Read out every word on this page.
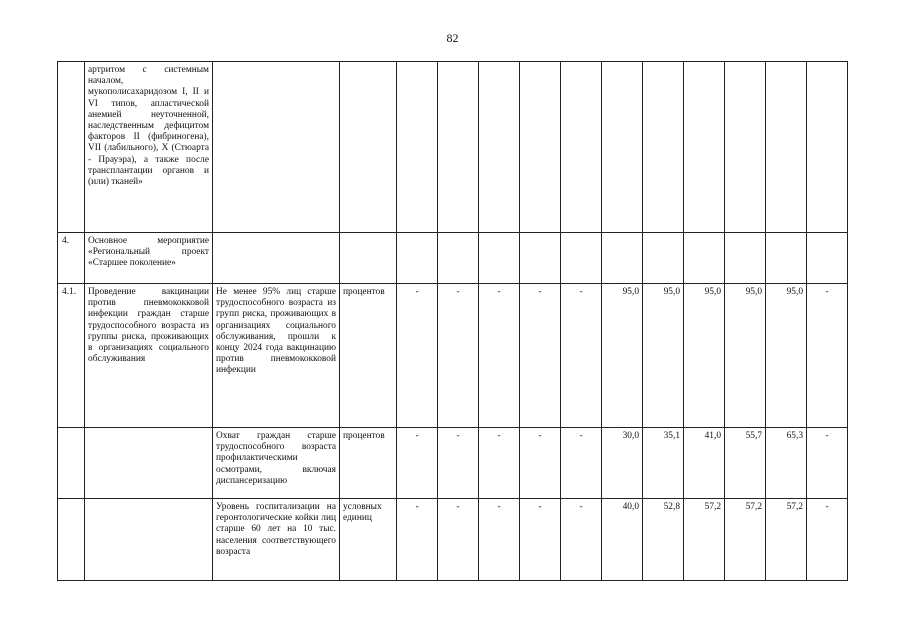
82
	артритом с системным началом, мукополисахаридозом I, II и VI типов, апластической анемией неуточненной, наследственным дефицитом факторов II (фибриногена), VII (лабильного), X (Стюарта - Прауэра), а также после трансплантации органов и (или) тканей»													
4.	Основное мероприятие «Региональный проект «Старшее поколение»													
4.1.	Проведение вакцинации против пневмококковой инфекции граждан старше трудоспособного возраста из группы риска, проживающих в организациях социального обслуживания	Не менее 95% лиц старше трудоспособного возраста из групп риска, проживающих в организациях социального обслуживания, прошли к концу 2024 года вакцинацию против пневмококковой инфекции	процентов	-	-	-	-	-	95,0	95,0	95,0	95,0	95,0	-
		Охват граждан старше трудоспособного возраста профилактическими осмотрами, включая диспансеризацию	процентов	-	-	-	-	-	30,0	35,1	41,0	55,7	65,3	-
		Уровень госпитализации на геронтологические койки лиц старше 60 лет на 10 тыс. населения соответствующего возраста	условных единиц	-	-	-	-	-	40,0	52,8	57,2	57,2	57,2	-
